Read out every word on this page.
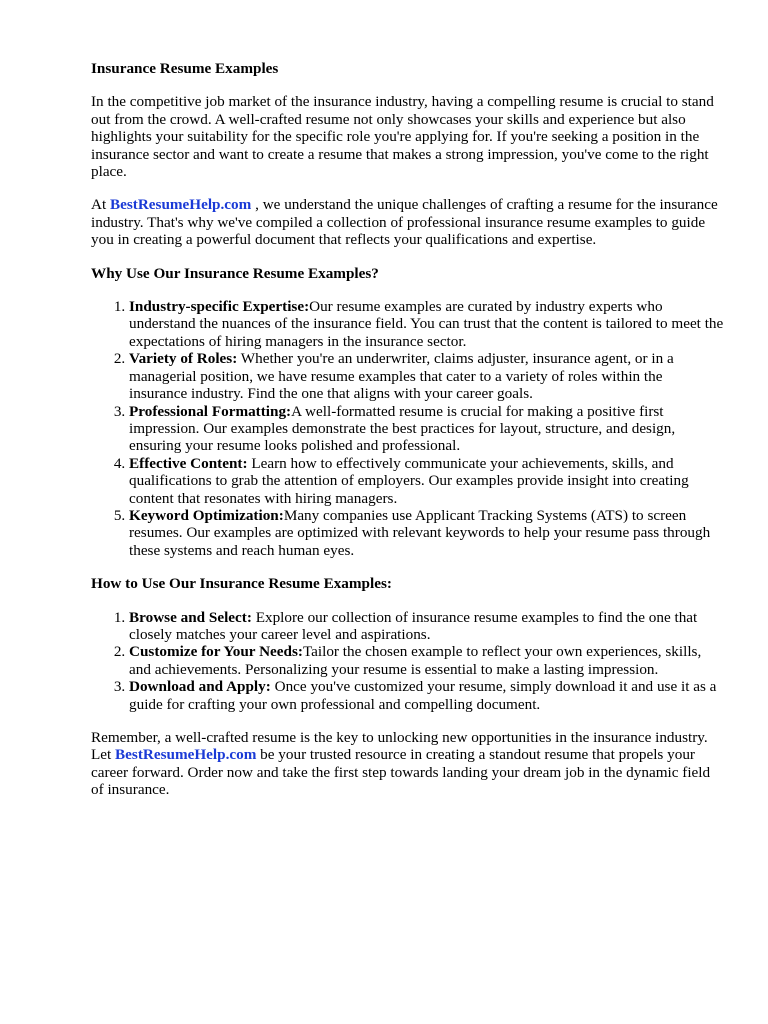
Insurance Resume Examples

In the competitive job market of the insurance industry, having a compelling resume is crucial to stand out from the crowd. A well-crafted resume not only showcases your skills and experience but also highlights your suitability for the specific role you're applying for. If you're seeking a position in the insurance sector and want to create a resume that makes a strong impression, you've come to the right place.

At BestResumeHelp.com , we understand the unique challenges of crafting a resume for the insurance industry. That's why we've compiled a collection of professional insurance resume examples to guide you in creating a powerful document that reflects your qualifications and expertise.

Why Use Our Insurance Resume Examples?
1. Industry-specific Expertise:Our resume examples are curated by industry experts who understand the nuances of the insurance field. You can trust that the content is tailored to meet the expectations of hiring managers in the insurance sector.
2. Variety of Roles: Whether you're an underwriter, claims adjuster, insurance agent, or in a managerial position, we have resume examples that cater to a variety of roles within the insurance industry. Find the one that aligns with your career goals.
3. Professional Formatting:A well-formatted resume is crucial for making a positive first impression. Our examples demonstrate the best practices for layout, structure, and design, ensuring your resume looks polished and professional.
4. Effective Content: Learn how to effectively communicate your achievements, skills, and qualifications to grab the attention of employers. Our examples provide insight into creating content that resonates with hiring managers.
5. Keyword Optimization:Many companies use Applicant Tracking Systems (ATS) to screen resumes. Our examples are optimized with relevant keywords to help your resume pass through these systems and reach human eyes.
How to Use Our Insurance Resume Examples:
1. Browse and Select: Explore our collection of insurance resume examples to find the one that closely matches your career level and aspirations.
2. Customize for Your Needs:Tailor the chosen example to reflect your own experiences, skills, and achievements. Personalizing your resume is essential to make a lasting impression.
3. Download and Apply: Once you've customized your resume, simply download it and use it as a guide for crafting your own professional and compelling document.

Remember, a well-crafted resume is the key to unlocking new opportunities in the insurance industry. Let BestResumeHelp.com be your trusted resource in creating a standout resume that propels your career forward. Order now and take the first step towards landing your dream job in the dynamic field of insurance.
